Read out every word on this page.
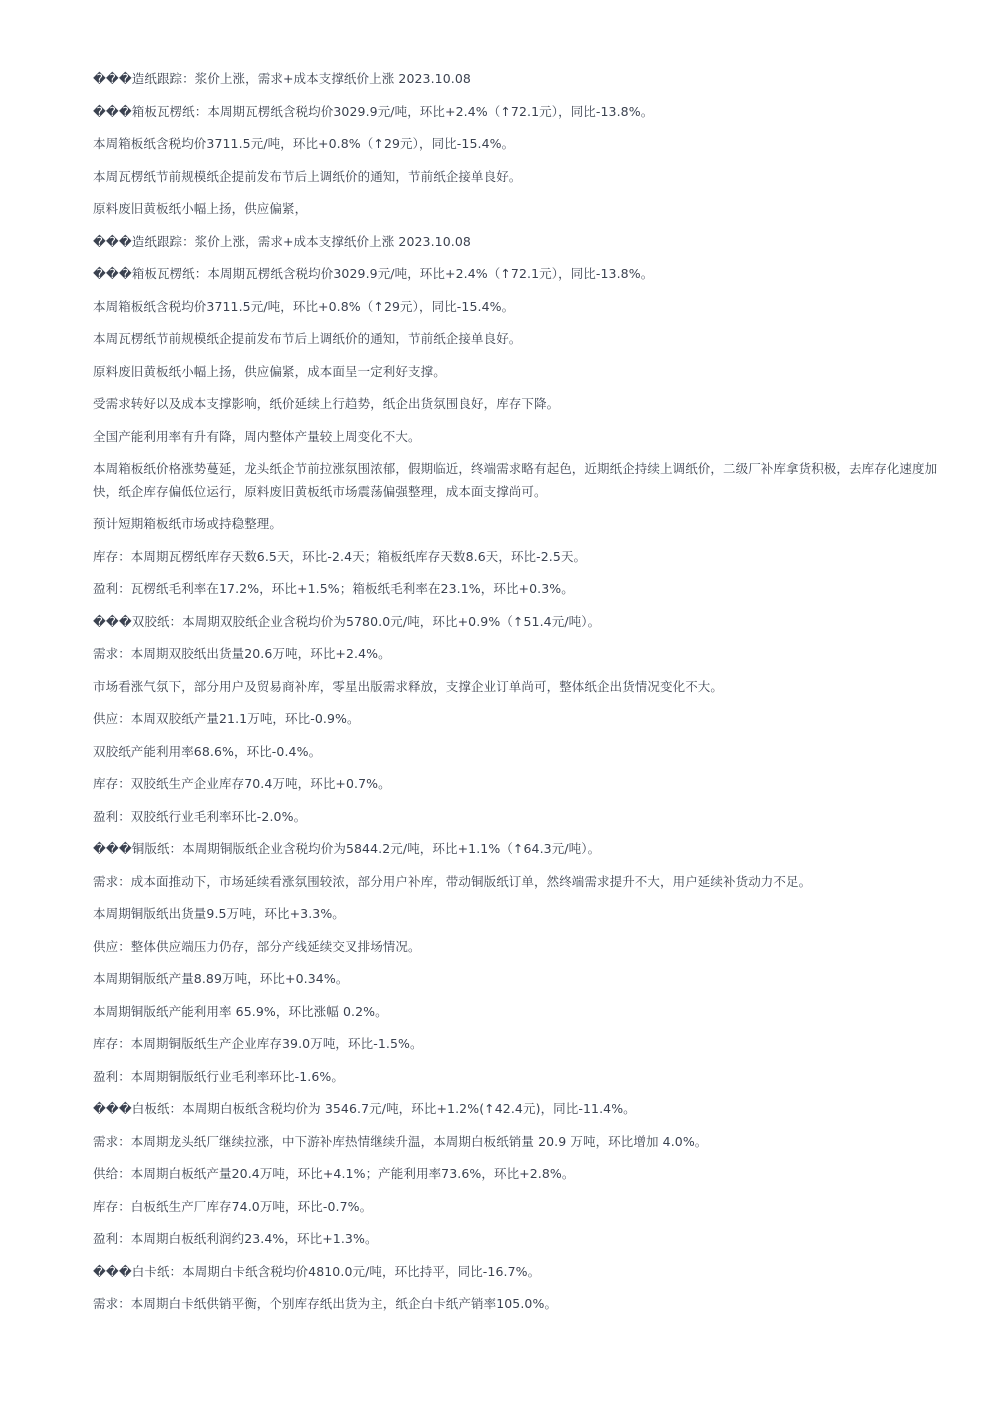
���造纸跟踪：浆价上涨，需求+成本支撑纸价上涨 2023.10.08

���箱板瓦楞纸：本周期瓦楞纸含税均价3029.9元/吨，环比+2.4%（↑72.1元），同比-13.8%。

本周箱板纸含税均价3711.5元/吨，环比+0.8%（↑29元），同比-15.4%。

本周瓦楞纸节前规模纸企提前发布节后上调纸价的通知，节前纸企接单良好。

原料废旧黄板纸小幅上扬，供应偏紧，

���造纸跟踪：浆价上涨，需求+成本支撑纸价上涨 2023.10.08

���箱板瓦楞纸：本周期瓦楞纸含税均价3029.9元/吨，环比+2.4%（↑72.1元），同比-13.8%。

本周箱板纸含税均价3711.5元/吨，环比+0.8%（↑29元），同比-15.4%。

本周瓦楞纸节前规模纸企提前发布节后上调纸价的通知，节前纸企接单良好。

原料废旧黄板纸小幅上扬，供应偏紧，成本面呈一定利好支撑。

受需求转好以及成本支撑影响，纸价延续上行趋势，纸企出货氛围良好，库存下降。

全国产能利用率有升有降，周内整体产量较上周变化不大。

本周箱板纸价格涨势蔓延，龙头纸企节前拉涨氛围浓郁，假期临近，终端需求略有起色，近期纸企持续上调纸价，二级厂补库拿货积极，去库存化速度加快，纸企库存偏低位运行，原料废旧黄板纸市场震荡偏强整理，成本面支撑尚可。

预计短期箱板纸市场或持稳整理。

库存：本周期瓦楞纸库存天数6.5天，环比-2.4天；箱板纸库存天数8.6天，环比-2.5天。

盈利：瓦楞纸毛利率在17.2%，环比+1.5%；箱板纸毛利率在23.1%，环比+0.3%。

���双胶纸：本周期双胶纸企业含税均价为5780.0元/吨，环比+0.9%（↑51.4元/吨）。

需求：本周期双胶纸出货量20.6万吨，环比+2.4%。

市场看涨气氛下，部分用户及贸易商补库，零星出版需求释放，支撑企业订单尚可，整体纸企出货情况变化不大。

供应：本周双胶纸产量21.1万吨，环比-0.9%。

双胶纸产能利用率68.6%，环比-0.4%。

库存：双胶纸生产企业库存70.4万吨，环比+0.7%。

盈利：双胶纸行业毛利率环比-2.0%。

���铜版纸：本周期铜版纸企业含税均价为5844.2元/吨，环比+1.1%（↑64.3元/吨）。

需求：成本面推动下，市场延续看涨氛围较浓，部分用户补库，带动铜版纸订单，然终端需求提升不大，用户延续补货动力不足。

本周期铜版纸出货量9.5万吨，环比+3.3%。

供应：整体供应端压力仍存，部分产线延续交叉排场情况。

本周期铜版纸产量8.89万吨，环比+0.34%。

本周期铜版纸产能利用率 65.9%，环比涨幅 0.2%。

库存：本周期铜版纸生产企业库存39.0万吨，环比-1.5%。

盈利：本周期铜版纸行业毛利率环比-1.6%。

���白板纸：本周期白板纸含税均价为 3546.7元/吨，环比+1.2%(↑42.4元)，同比-11.4%。

需求：本周期龙头纸厂继续拉涨，中下游补库热情继续升温，本周期白板纸销量 20.9 万吨，环比增加 4.0%。

供给：本周期白板纸产量20.4万吨，环比+4.1%；产能利用率73.6%，环比+2.8%。

库存：白板纸生产厂库存74.0万吨，环比-0.7%。

盈利：本周期白板纸利润约23.4%，环比+1.3%。

���白卡纸：本周期白卡纸含税均价4810.0元/吨，环比持平，同比-16.7%。

需求：本周期白卡纸供销平衡，个别库存纸出货为主，纸企白卡纸产销率105.0%。
